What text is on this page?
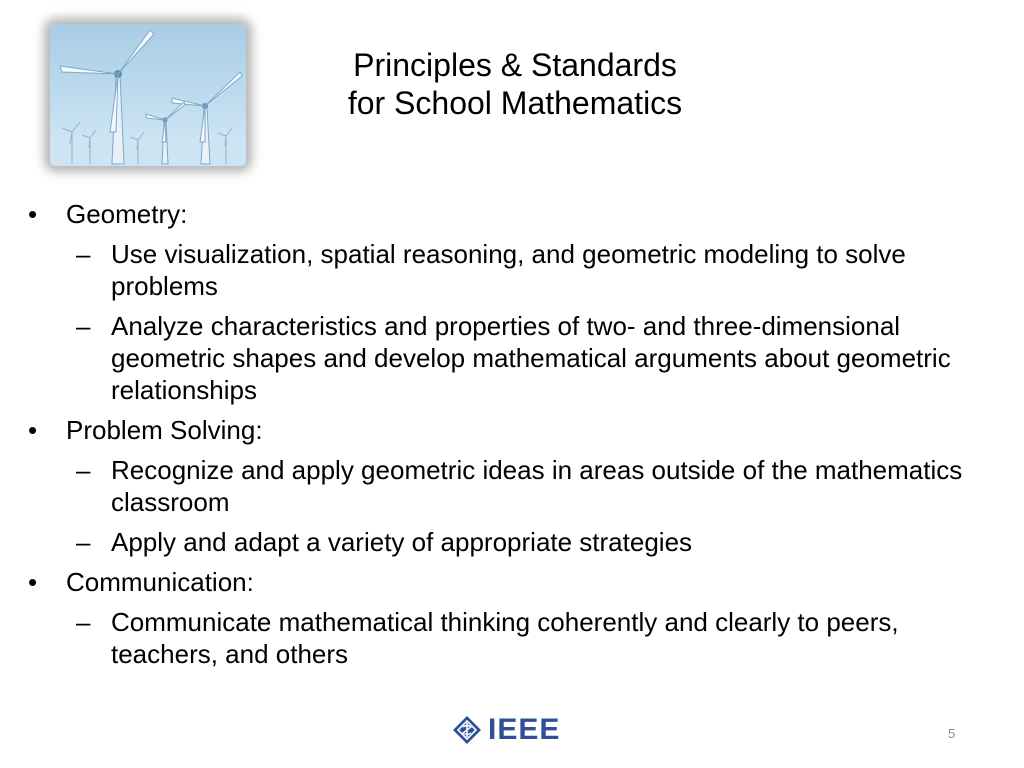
Principles & Standards
for School Mathematics
•	Geometry:
– Use visualization, spatial reasoning, and geometric modeling to solve problems
– Analyze characteristics and properties of two- and three-dimensional geometric shapes and develop mathematical arguments about geometric relationships
•	Problem Solving:
– Recognize and apply geometric ideas in areas outside of the mathematics classroom
– Apply and adapt a variety of appropriate strategies
•	Communication:
– Communicate mathematical thinking coherently and clearly to peers, teachers, and others
IEEE	5
